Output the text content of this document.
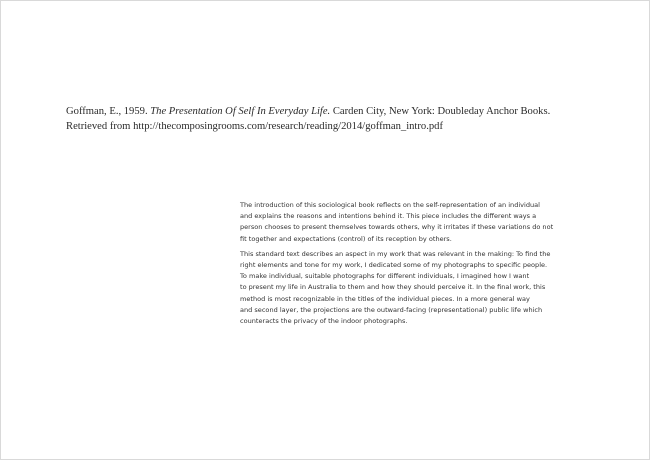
Goffman, E., 1959. The Presentation Of Self In Everyday Life. Carden City, New York: Doubleday Anchor Books.
Retrieved from http://thecomposingrooms.com/research/reading/2014/goffman_intro.pdf

The introduction of this sociological book reflects on the self-representation of an individual
and explains the reasons and intentions behind it. This piece includes the different ways a
person chooses to present themselves towards others, why it irritates if these variations do not
fit together and expectations (control) of its reception by others.

This standard text describes an aspect in my work that was relevant in the making: To find the
right elements and tone for my work, I dedicated some of my photographs to specific people.
To make individual, suitable photographs for different individuals, I imagined how I want
to present my life in Australia to them and how they should perceive it. In the final work, this
method is most recognizable in the titles of the individual pieces. In a more general way
and second layer, the projections are the outward-facing (representational) public life which
counteracts the privacy of the indoor photographs.
